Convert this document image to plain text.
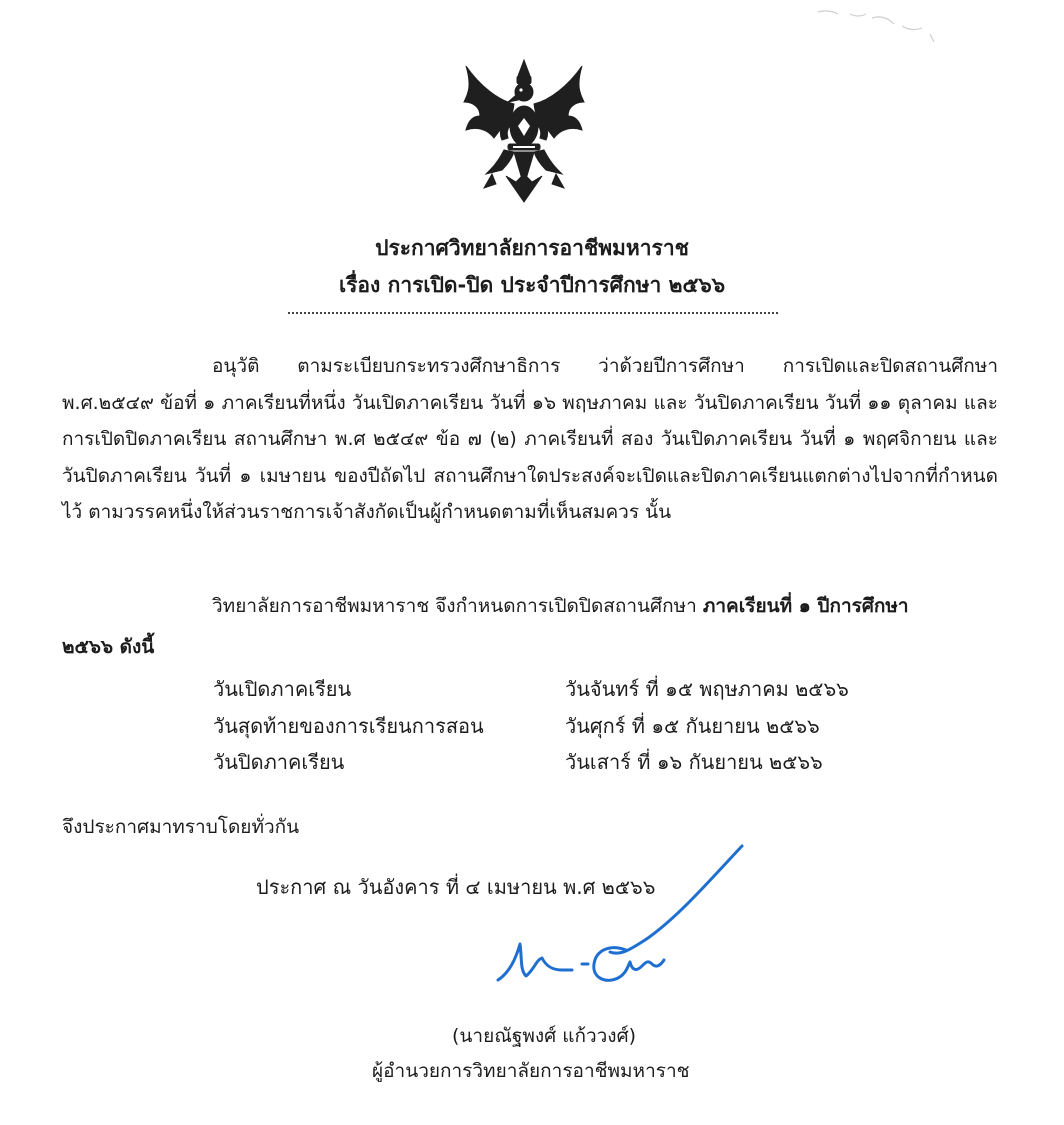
ประกาศวิทยาลัยการอาชีพมหาราช
เรื่อง การเปิด-ปิด ประจำปีการศึกษา ๒๕๖๖

อนุวัติ ตามระเบียบกระทรวงศึกษาธิการ ว่าด้วยปีการศึกษา การเปิดและปิดสถานศึกษา พ.ศ.๒๕๔๙ ข้อที่ ๑ ภาคเรียนที่หนึ่ง วันเปิดภาคเรียน วันที่ ๑๖ พฤษภาคม และ วันปิดภาคเรียน วันที่ ๑๑ ตุลาคม และการเปิดปิดภาคเรียน สถานศึกษา พ.ศ ๒๕๔๙ ข้อ ๗ (๒) ภาคเรียนที่ สอง วันเปิดภาคเรียน วันที่ ๑ พฤศจิกายน และวันปิดภาคเรียน วันที่ ๑ เมษายน ของปีถัดไป สถานศึกษาใดประสงค์จะเปิดและปิดภาคเรียนแตกต่างไปจากที่กำหนดไว้ ตามวรรคหนึ่งให้ส่วนราชการเจ้าสังกัดเป็นผู้กำหนดตามที่เห็นสมควร นั้น

วิทยาลัยการอาชีพมหาราช จึงกำหนดการเปิดปิดสถานศึกษา ภาคเรียนที่ ๑ ปีการศึกษา

๒๕๖๖ ดังนี้
วันเปิดภาคเรียน	วันจันทร์ ที่ ๑๕ พฤษภาคม ๒๕๖๖
วันสุดท้ายของการเรียนการสอน	วันศุกร์ ที่ ๑๕ กันยายน ๒๕๖๖
วันปิดภาคเรียน	วันเสาร์ ที่ ๑๖ กันยายน ๒๕๖๖
จึงประกาศมาทราบโดยทั่วกัน
ประกาศ ณ วันอังคาร ที่ ๔ เมษายน พ.ศ ๒๕๖๖
(นายณัฐพงศ์ แก้ววงศ์)
ผู้อำนวยการวิทยาลัยการอาชีพมหาราช
